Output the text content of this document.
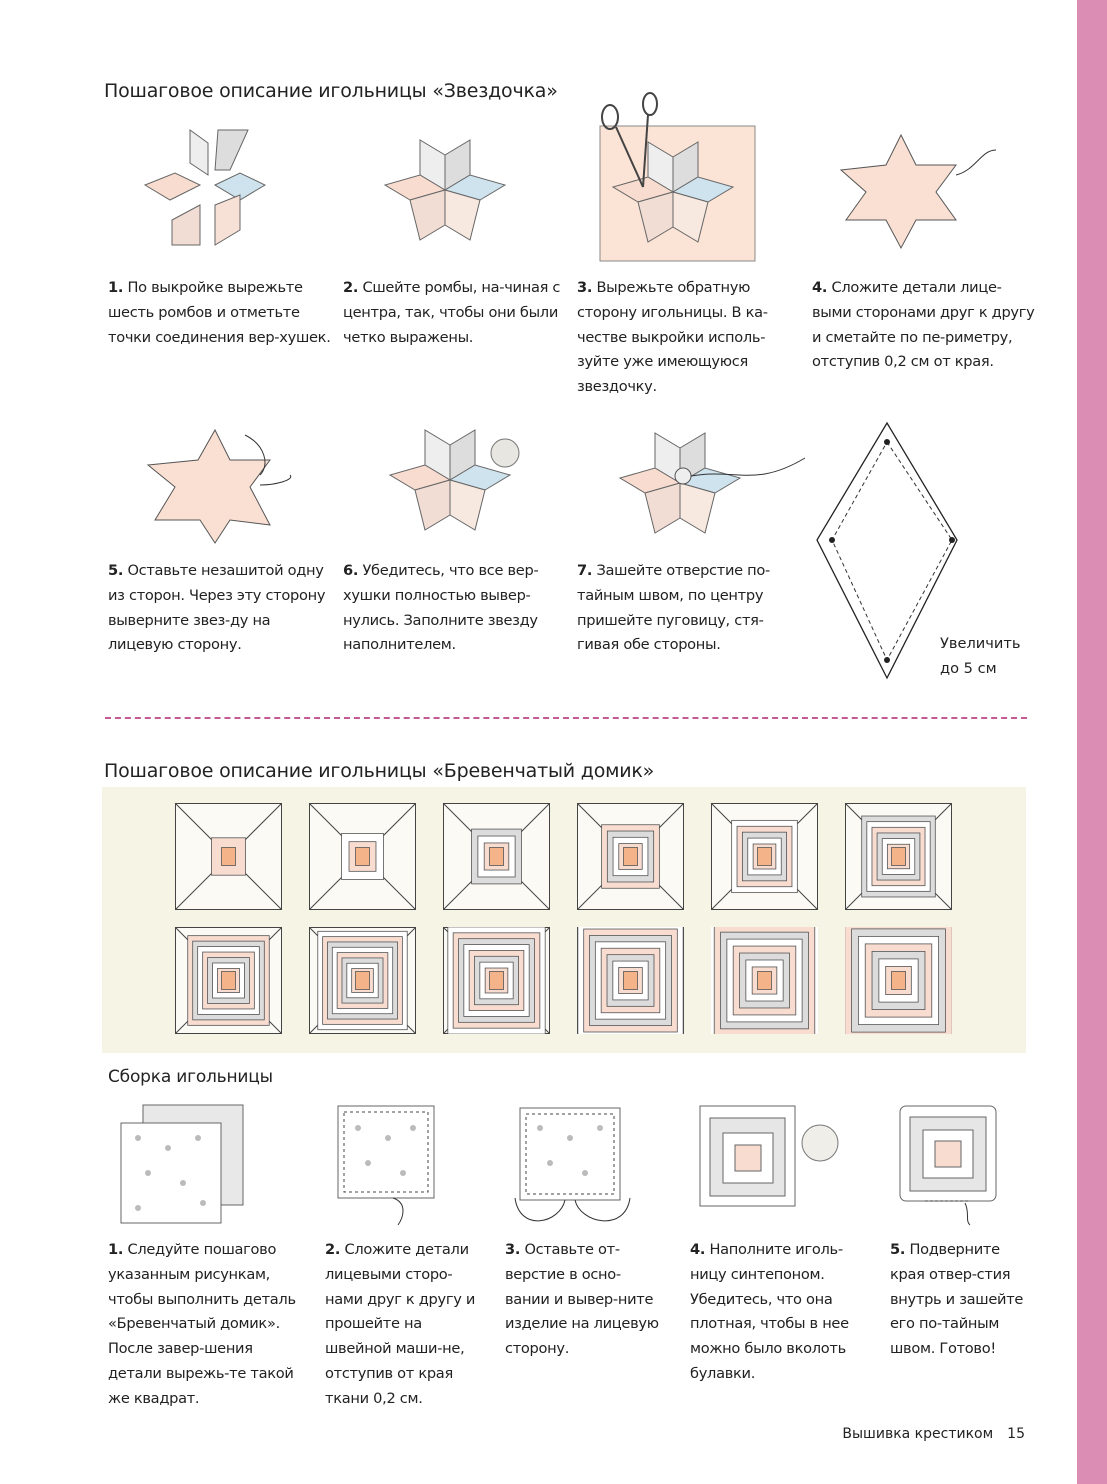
Пошаговое описание игольницы «Звездочка»
1. По выкройке вырежьте шесть ромбов и отметьте точки соединения вер-хушек.
2. Сшейте ромбы, на-чиная с центра, так, чтобы они были четко выражены.
3. Вырежьте обратную сторону игольницы. В ка-честве выкройки исполь-зуйте уже имеющуюся звездочку.
4. Сложите детали лице-выми сторонами друг к другу и сметайте по пе-риметру, отступив 0,2 см от края.
Увеличить
до 5 см
5. Оставьте незашитой одну из сторон. Через эту сторону выверните звез-ду на лицевую сторону.
6. Убедитесь, что все вер-хушки полностью вывер-нулись. Заполните звезду наполнителем.
7. Зашейте отверстие по-тайным швом, по центру пришейте пуговицу, стя-гивая обе стороны.
Пошаговое описание игольницы «Бревенчатый домик»
Сборка игольницы
1. Следуйте пошагово указанным рисункам, чтобы выполнить деталь «Бревенчатый домик». После завер-шения детали вырежь-те такой же квадрат.
2. Сложите детали лицевыми сторо-нами друг к другу и прошейте на швейной маши-не, отступив от края ткани 0,2 см.
3. Оставьте от-верстие в осно-вании и вывер-ните изделие на лицевую сторону.
4. Наполните иголь-ницу синтепоном. Убедитесь, что она плотная, чтобы в нее можно было вколоть булавки.
5. Подверните края отвер-стия внутрь и зашейте его по-тайным швом. Готово!
Вышивка крестиком 15
